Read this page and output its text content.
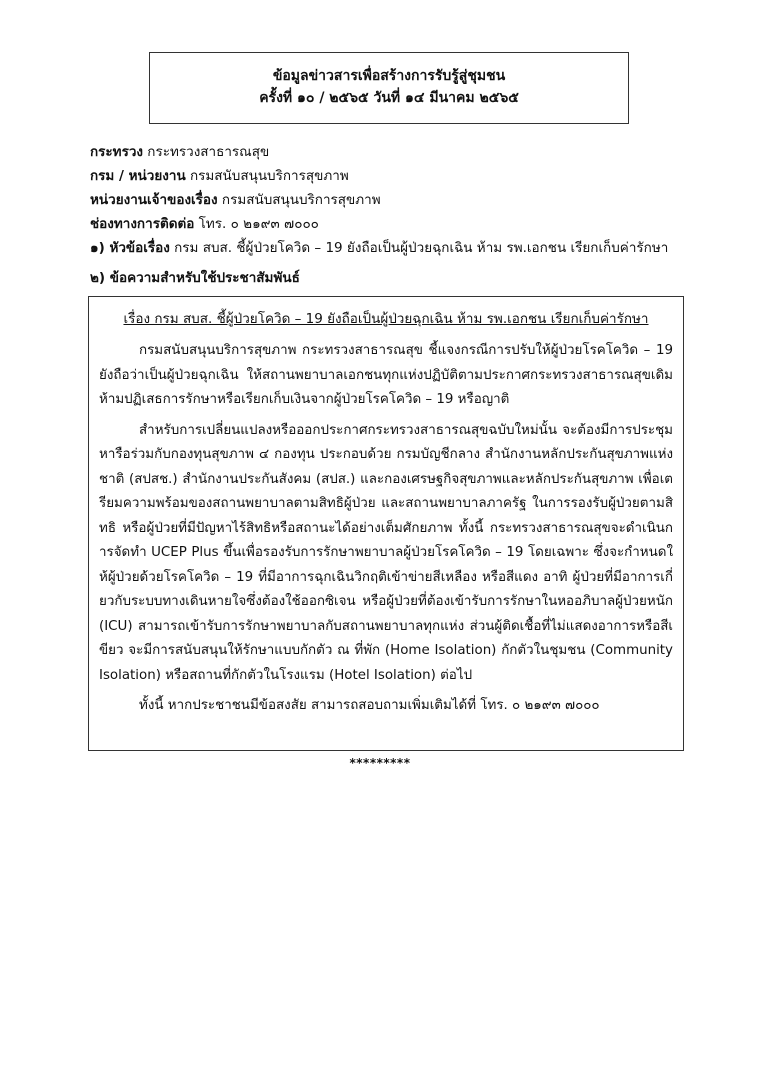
ข้อมูลข่าวสารเพื่อสร้างการรับรู้สู่ชุมชน
ครั้งที่ ๑๐ / ๒๕๖๕ วันที่ ๑๔ มีนาคม ๒๕๖๕
กระทรวง กระทรวงสาธารณสุข
กรม / หน่วยงาน กรมสนับสนุนบริการสุขภาพ
หน่วยงานเจ้าของเรื่อง กรมสนับสนุนบริการสุขภาพ
ช่องทางการติดต่อ โทร. ๐ ๒๑๙๓ ๗๐๐๐
๑) หัวข้อเรื่อง กรม สบส. ชี้ผู้ป่วยโควิด – 19 ยังถือเป็นผู้ป่วยฉุกเฉิน ห้าม รพ.เอกชน เรียกเก็บค่ารักษา
๒) ข้อความสำหรับใช้ประชาสัมพันธ์
เรื่อง กรม สบส. ชี้ผู้ป่วยโควิด – 19 ยังถือเป็นผู้ป่วยฉุกเฉิน ห้าม รพ.เอกชน เรียกเก็บค่ารักษา

กรมสนับสนุนบริการสุขภาพ กระทรวงสาธารณสุข ชี้แจงกรณีการปรับให้ผู้ป่วยโรคโควิด – 19 ยังถือว่าเป็นผู้ป่วยฉุกเฉิน ให้สถานพยาบาลเอกชนทุกแห่งปฏิบัติตามประกาศกระทรวงสาธารณสุขเดิม ห้ามปฏิเสธการรักษาหรือเรียกเก็บเงินจากผู้ป่วยโรคโควิด – 19 หรือญาติ

สำหรับการเปลี่ยนแปลงหรือออกประกาศกระทรวงสาธารณสุขฉบับใหม่นั้น จะต้องมีการประชุมหารือร่วมกับกองทุนสุขภาพ ๔ กองทุน ประกอบด้วย กรมบัญชีกลาง สำนักงานหลักประกันสุขภาพแห่งชาติ (สปสช.) สำนักงานประกันสังคม (สปส.) และกองเศรษฐกิจสุขภาพและหลักประกันสุขภาพ เพื่อเตรียมความพร้อมของสถานพยาบาลตามสิทธิผู้ป่วย และสถานพยาบาลภาครัฐ ในการรองรับผู้ป่วยตามสิทธิ หรือผู้ป่วยที่มีปัญหาไร้สิทธิหรือสถานะได้อย่างเต็มศักยภาพ ทั้งนี้ กระทรวงสาธารณสุขจะดำเนินการจัดทำ UCEP Plus ขึ้นเพื่อรองรับการรักษาพยาบาลผู้ป่วยโรคโควิด – 19 โดยเฉพาะ ซึ่งจะกำหนดให้ผู้ป่วยด้วยโรคโควิด – 19 ที่มีอาการฉุกเฉินวิกฤติเข้าข่ายสีเหลือง หรือสีแดง อาทิ ผู้ป่วยที่มีอาการเกี่ยวกับระบบทางเดินหายใจซึ่งต้องใช้ออกซิเจน หรือผู้ป่วยที่ต้องเข้ารับการรักษาในหออภิบาลผู้ป่วยหนัก (ICU) สามารถเข้ารับการรักษาพยาบาลกับสถานพยาบาลทุกแห่ง ส่วนผู้ติดเชื้อที่ไม่แสดงอาการหรือสีเขียว จะมีการสนับสนุนให้รักษาแบบกักตัว ณ ที่พัก (Home Isolation) กักตัวในชุมชน (Community Isolation) หรือสถานที่กักตัวในโรงแรม (Hotel Isolation) ต่อไป

ทั้งนี้ หากประชาชนมีข้อสงสัย สามารถสอบถามเพิ่มเติมได้ที่ โทร. ๐ ๒๑๙๓ ๗๐๐๐

*********
